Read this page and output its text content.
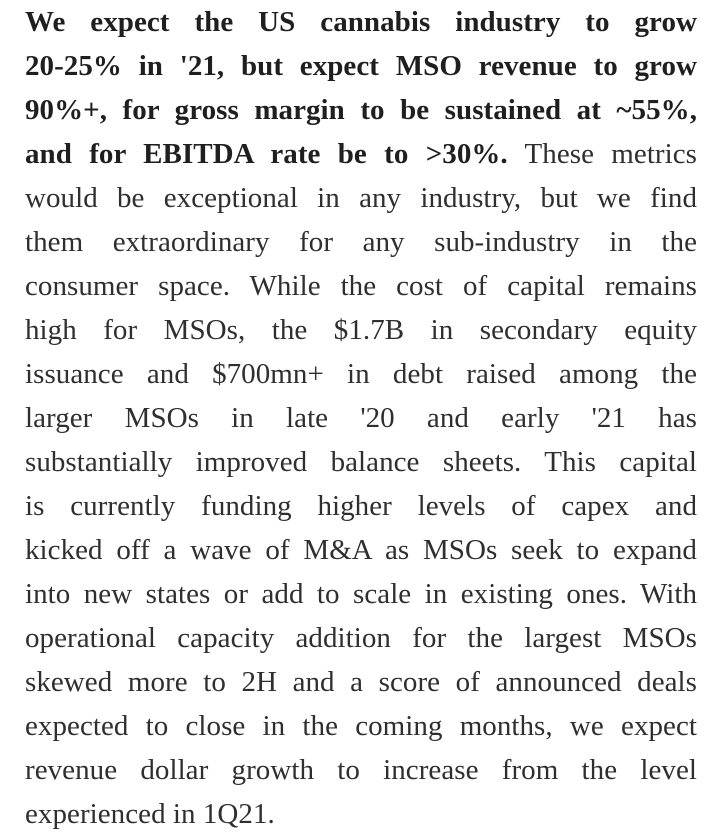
We expect the US cannabis industry to grow
20-25% in '21, but expect MSO revenue to grow
90%+, for gross margin to be sustained at ~55%,
and for EBITDA rate be to >30%. These metrics
would be exceptional in any industry, but we find
them extraordinary for any sub-industry in the
consumer space. While the cost of capital remains
high for MSOs, the $1.7B in secondary equity
issuance and $700mn+ in debt raised among the
larger MSOs in late '20 and early '21 has
substantially improved balance sheets. This capital
is currently funding higher levels of capex and
kicked off a wave of M&A as MSOs seek to expand
into new states or add to scale in existing ones. With
operational capacity addition for the largest MSOs
skewed more to 2H and a score of announced deals
expected to close in the coming months, we expect
revenue dollar growth to increase from the level
experienced in 1Q21.
